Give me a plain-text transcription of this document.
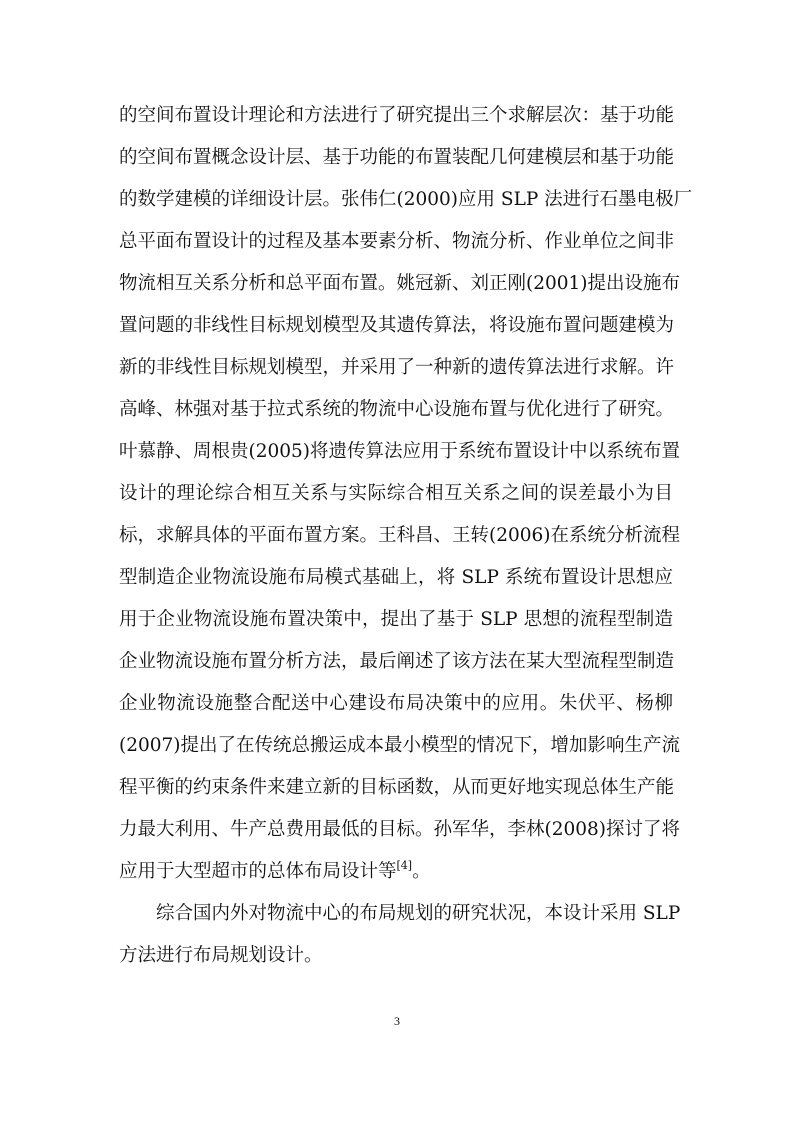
的空间布置设计理论和方法进行了研究提出三个求解层次：基于功能
的空间布置概念设计层、基于功能的布置装配几何建模层和基于功能
的数学建模的详细设计层。张伟仁(2000)应用 SLP 法进行石墨电极厂
总平面布置设计的过程及基本要素分析、物流分析、作业单位之间非
物流相互关系分析和总平面布置。姚冠新、刘正刚(2001)提出设施布
置问题的非线性目标规划模型及其遗传算法，将设施布置问题建模为
新的非线性目标规划模型，并采用了一种新的遗传算法进行求解。许
高峰、林强对基于拉式系统的物流中心设施布置与优化进行了研究。
叶慕静、周根贵(2005)将遗传算法应用于系统布置设计中以系统布置
设计的理论综合相互关系与实际综合相互关系之间的误差最小为目
标，求解具体的平面布置方案。王科昌、王转(2006)在系统分析流程
型制造企业物流设施布局模式基础上，将 SLP 系统布置设计思想应
用于企业物流设施布置决策中，提出了基于 SLP 思想的流程型制造
企业物流设施布置分析方法，最后阐述了该方法在某大型流程型制造
企业物流设施整合配送中心建设布局决策中的应用。朱伏平、杨柳
(2007)提出了在传统总搬运成本最小模型的情况下，增加影响生产流
程平衡的约束条件来建立新的目标函数，从而更好地实现总体生产能
力最大利用、牛产总费用最低的目标。孙军华，李林(2008)探讨了将
应用于大型超市的总体布局设计等[4]。
综合国内外对物流中心的布局规划的研究状况，本设计采用 SLP
方法进行布局规划设计。
3
